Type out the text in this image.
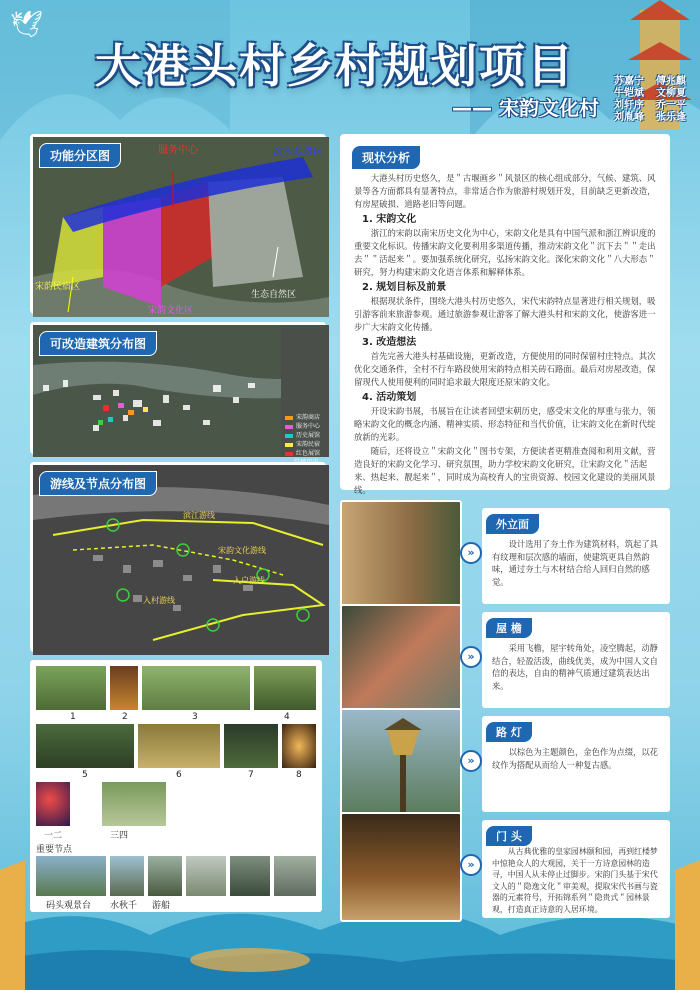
🕊
大港头村乡村规划项目
—— 宋韵文化村
苏嘉宁	傅兆麒
牛铠斌	文柳夏
刘轩序	乔一平
刘胤峰	张乐逢
功能分区图	服务中心	滨水观景区
宋韵民宿区
宋韵文化区
生态自然区
可改造建筑分布图
宋韵商店
服务中心
历史展馆
宋韵民宿
红色展馆
游线及节点分布图
滨江游线
宋韵文化游线
入户游线
入村游线
1	2	3	4
5	6	7	8
一二	三四
重要节点
码头观景台 水秋千 游船
现状分析

大港头村历史悠久，是＂古堰画乡＂风景区的核心组成部分，气候、建筑、风景等各方面都具有显著特点，非常适合作为旅游村规划开发，目前缺乏更新改造，有房屋破损、道路老旧等问题。

1. 宋韵文化

浙江的宋韵以南宋历史文化为中心，宋韵文化是具有中国气派和浙江辨识度的重要文化标识。传播宋韵文化要利用多渠道传播，推动宋韵文化＂沉下去＂＂走出去＂＂活起来＂。要加强系统化研究，弘扬宋韵文化。深化宋韵文化＂八大形态＂研究，努力构建宋韵文化语言体系和解释体系。

2. 规划目标及前景

根据现状条件，围绕大港头村历史悠久，宋代宋韵特点显著进行相关规划，吸引游客前来旅游参观。通过旅游参观让游客了解大港头村和宋韵文化，使游客进一步广大宋韵文化传播。

3. 改造想法

首先完善大港头村基础设施，更新改造，方便使用的同时保留村庄特点。其次优化交通条件，全村不行车路段使用宋韵特点相关砖石路面。最后对房屋改造，保留现代人使用便利的同时追求最大限度还原宋韵文化。

4. 活动策划

开设宋韵书展，书展旨在让读者回望宋朝历史，感受宋文化的厚重与张力，领略宋韵文化的概念内涵、精神实质、形态特征和当代价值，让宋韵文化在新时代绽放新的光彩。

随后，还将设立＂宋韵文化＂图书专架，方便读者更精准查阅和利用文献，营造良好的宋韵文化学习、研究氛围，助力学校宋韵文化研究，让宋韵文化＂活起来、热起来、靓起来＂，同时成为高校育人的宝贵资源、校园文化建设的美丽风景线。

»
外立面
设计选用了夯土作为建筑材料，筑起了具有纹理和层次感的墙面，使建筑更具自然韵味，通过夯土与木材结合给人回归自然的感觉。
»
屋 檐
采用飞檐，屋宇转角处，凌空腾起，动静结合，轻盈活泼，曲线优美，成为中国人文自信的表达，自由的精神气质通过建筑表达出来。
»
路 灯
以棕色为主题颜色，金色作为点缀，以花纹作为搭配从而给人一种复古感。
»
门 头
从古典优雅的皇家园林颐和园，再到红楼梦中惊艳众人的大观园，关于一方诗意园林的造寻，中国人从未停止过脚步。宋韵门头基于宋代文人的＂隐逸文化＂审美观，提取宋代书画与瓷器的元素符号，开拓锦系列＂隐贵式＂园林景观，打造真正诗意的人居环境。
